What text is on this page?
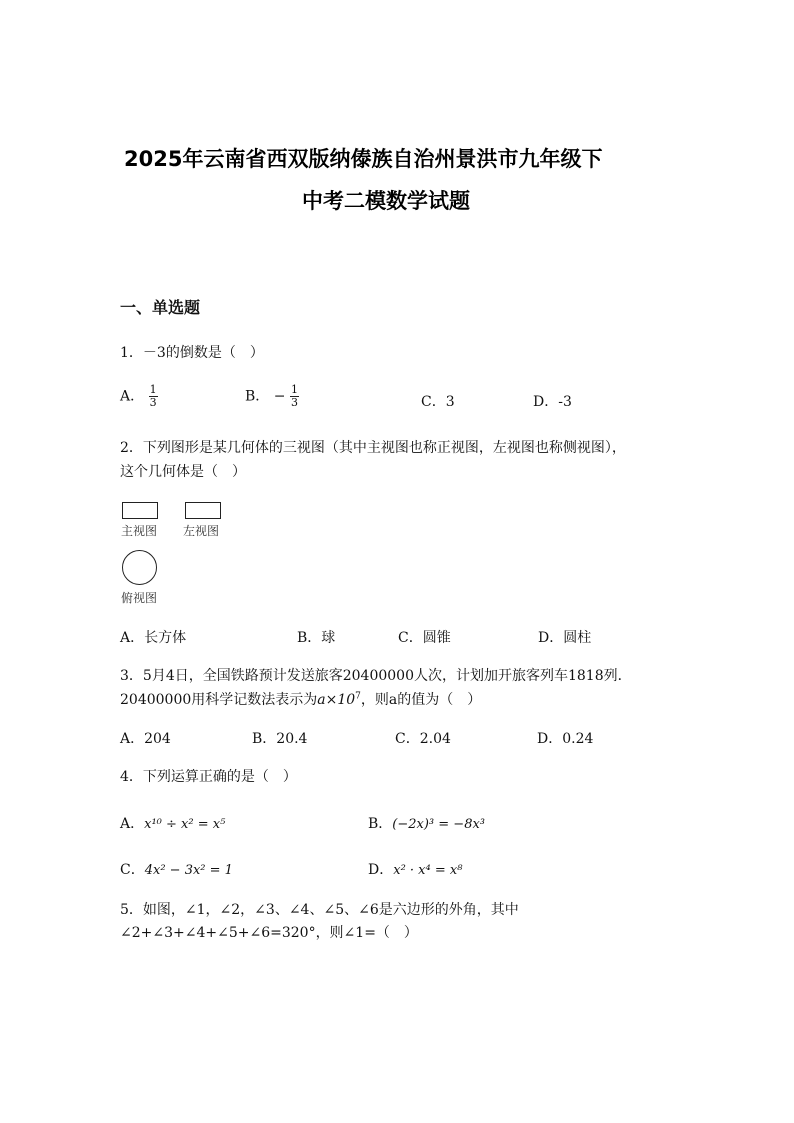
2025年云南省西双版纳傣族自治州景洪市九年级下
中考二模数学试题
一、单选题
1．－3的倒数是（　）
A． $\frac{1}{3}$	B． − $\frac{1}{3}$	C．3	D．-3
2．下列图形是某几何体的三视图（其中主视图也称正视图，左视图也称侧视图），
这个几何体是（　）
主视图 左视图
俯视图
A．长方体	B．球	C．圆锥	D．圆柱
3．5月4日，全国铁路预计发送旅客20400000人次，计划加开旅客列车1818列．
20400000用科学记数法表示为$a\times 10^7$，则a的值为（　）
A．204	B．20.4	C．2.04	D．0.24
4．下列运算正确的是（　）
A．x¹⁰ ÷ x² = x⁵	B．(−2x)³ = −8x³
C．4x² − 3x² = 1	D．x² · x⁴ = x⁸
5．如图，∠1，∠2，∠3、∠4、∠5、∠6是六边形的外角，其中
∠2+∠3+∠4+∠5+∠6=320°，则∠1=（　）
